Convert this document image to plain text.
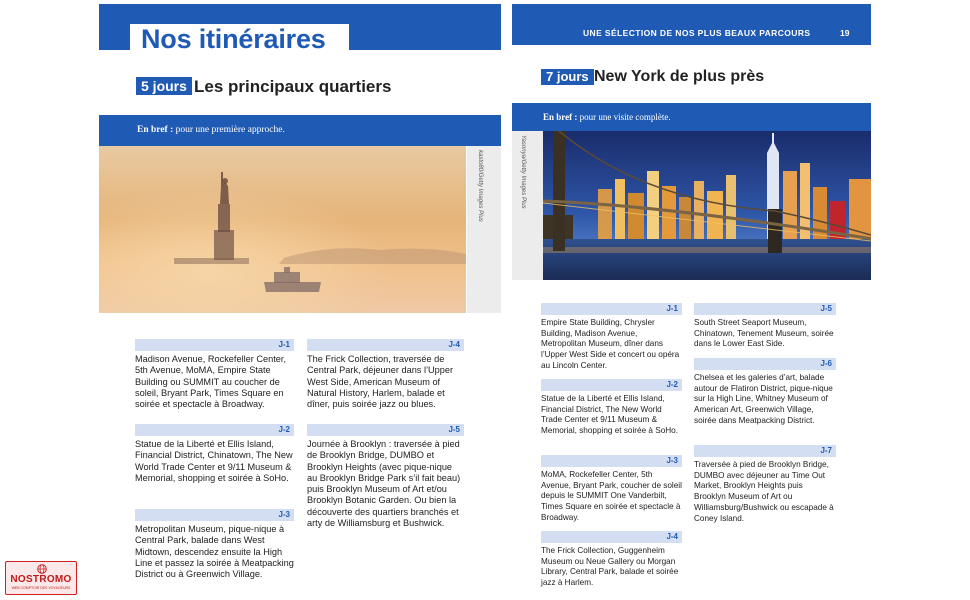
Nos itinéraires
5 jours Les principaux quartiers
En bref : pour une première approche.
kasto80/Getty Images Plus
J-1
Madison Avenue, Rockefeller Center, 5th Avenue, MoMA, Empire State Building ou SUMMIT au coucher de soleil, Bryant Park, Times Square en soirée et spectacle à Broadway.
J-2
Statue de la Liberté et Ellis Island, Financial District, Chinatown, The New World Trade Center et 9/11 Museum & Memorial, shopping et soirée à SoHo.
J-3
Metropolitan Museum, pique-nique à Central Park, balade dans West Midtown, descendez ensuite la High Line et passez la soirée à Meatpacking District ou à Greenwich Village.
J-4
The Frick Collection, traversée de Central Park, déjeuner dans l’Upper West Side, American Museum of Natural History, Harlem, balade et dîner, puis soirée jazz ou blues.
J-5
Journée à Brooklyn : traversée à pied de Brooklyn Bridge, DUMBO et Brooklyn Heights (avec pique-nique au Brooklyn Bridge Park s’il fait beau) puis Brooklyn Museum of Art et/ou Brooklyn Botanic Garden. Ou bien la découverte des quartiers branchés et arty de Williamsburg et Bushwick.
UNE SÉLECTION DE NOS PLUS BEAUX PARCOURS	19
7 jours New York de plus près
En bref : pour une visite complète.
Yasonya/Getty Images Plus
J-1
Empire State Building, Chrysler Building, Madison Avenue, Metropolitan Museum, dîner dans l’Upper West Side et concert ou opéra au Lincoln Center.
J-2
Statue de la Liberté et Ellis Island, Financial District, The New World Trade Center et 9/11 Museum & Memorial, shopping et soirée à SoHo.
J-3
MoMA, Rockefeller Center, 5th Avenue, Bryant Park, coucher de soleil depuis le SUMMIT One Vanderbilt, Times Square en soirée et spectacle à Broadway.
J-4
The Frick Collection, Guggenheim Museum ou Neue Gallery ou Morgan Library, Central Park, balade et soirée jazz à Harlem.
J-5
South Street Seaport Museum, Chinatown, Tenement Museum, soirée dans le Lower East Side.
J-6
Chelsea et les galeries d’art, balade autour de Flatiron District, pique-nique sur la High Line, Whitney Museum of American Art, Greenwich Village, soirée dans Meatpacking District.
J-7
Traversée à pied de Brooklyn Bridge, DUMBO avec déjeuner au Time Out Market, Brooklyn Heights puis Brooklyn Museum of Art ou Williamsburg/Bushwick ou escapade à Coney Island.
NOSTROMO
WEB COMPTOIR DES VOYAGEURS
